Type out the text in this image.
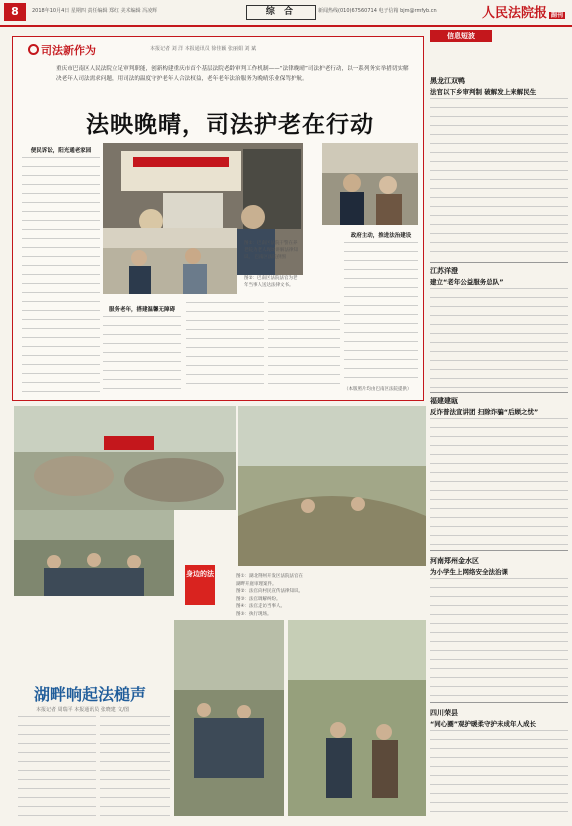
8	2018年10月4日 星期四 责任编辑 郑红 美术编辑 冯凌辉	综 合	新闻热线(010)67560714 电子信箱 bjm@rmfyb.cn	人民法院报 副刊
司法新作为	本报记者 刘 洋 本报通讯员 徐佳颖 张丽娟 刘 斌
重庆市巴南区人民法院立足审判职能，创新构建重庆市首个基层法院老龄审判工作机制——“法律晚晴”司法护老行动，以一系列务实举措切实解决老年人司法需求问题，用司法的温度守护老年人合法权益，老年老年法治服务为晚晴乐业保驾护航。
法映晚晴，司法护老在行动
便民诉讼，阳光通老家园
图①：巴南区法院干警在养老院为老人现场讲解法律知识。 巴南区法院供图
图②：巴南区法院法官为老年当事人送达法律文书。
服务老年，搭建温馨无障碍
政府主动，推进法治建设
（本版照片均由巴南区法院提供）
身边的法	图①：湖北荆州开发区法院法官在湖畔开庭审理案件。
图②：法官向村民宣传法律知识。
图③：法官调解纠纷。
图④：法官走访当事人。
图⑤：执行现场。
湖畔响起法槌声
本报记者 周瑞平 本报通讯员 张晓建 文/图
信息短波
黑龙江双鸭
法官以下乡审判制 破解发上来解民生
江苏洋澄
建立“老年公益服务总队”
福建建瓯
反诈普法宣讲团 扫除诈骗“后顾之忧”
河南郑州金水区
为小学生上网络安全法治课
四川荣县
“同心圈”观护暖柔守护未成年人成长
